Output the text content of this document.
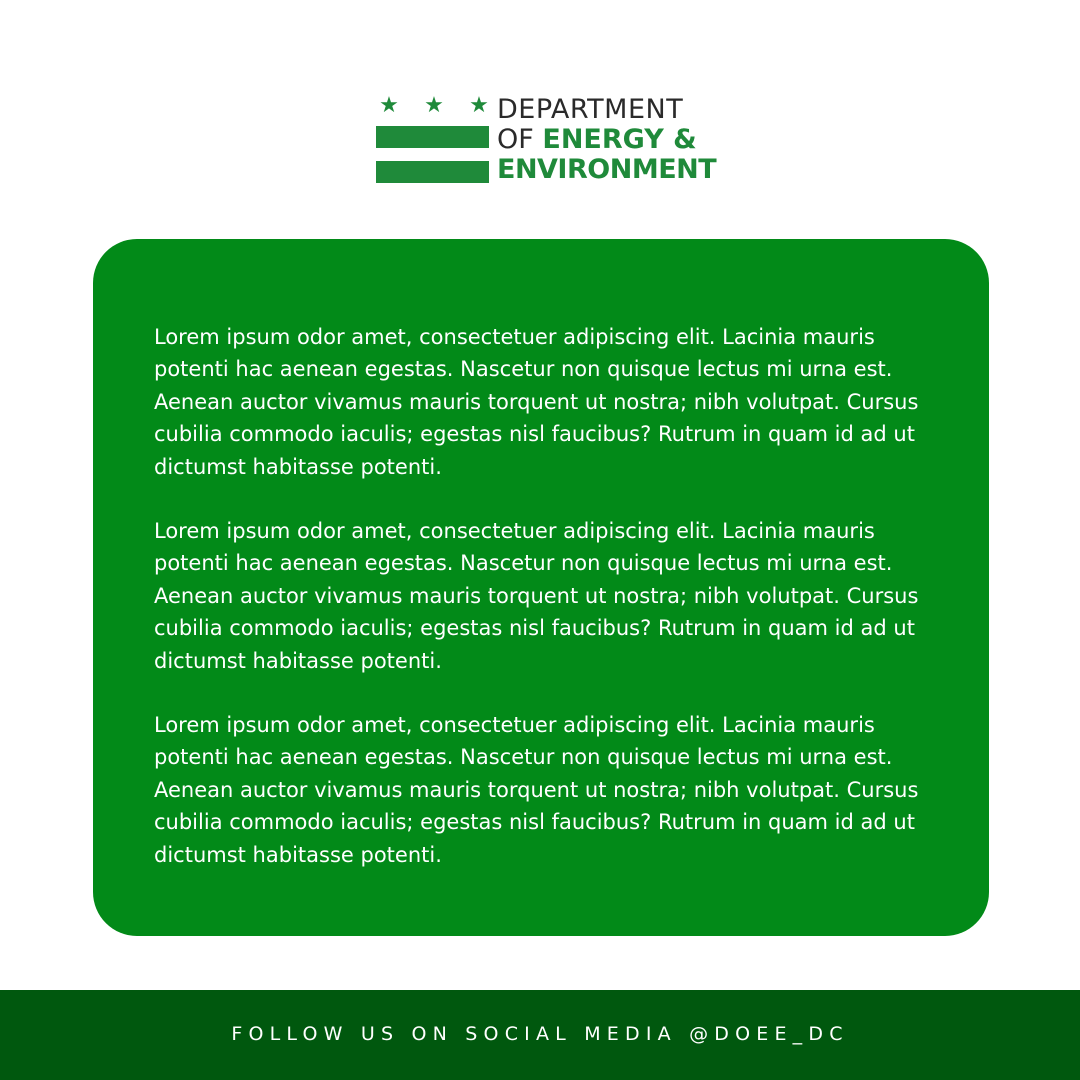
★ ★ ★ DEPARTMENT
OF ENERGY &
ENVIRONMENT

Lorem ipsum odor amet, consectetuer adipiscing elit. Lacinia mauris potenti hac aenean egestas. Nascetur non quisque lectus mi urna est. Aenean auctor vivamus mauris torquent ut nostra; nibh volutpat. Cursus cubilia commodo iaculis; egestas nisl faucibus? Rutrum in quam id ad ut dictumst habitasse potenti.

Lorem ipsum odor amet, consectetuer adipiscing elit. Lacinia mauris potenti hac aenean egestas. Nascetur non quisque lectus mi urna est. Aenean auctor vivamus mauris torquent ut nostra; nibh volutpat. Cursus cubilia commodo iaculis; egestas nisl faucibus? Rutrum in quam id ad ut dictumst habitasse potenti.

Lorem ipsum odor amet, consectetuer adipiscing elit. Lacinia mauris potenti hac aenean egestas. Nascetur non quisque lectus mi urna est. Aenean auctor vivamus mauris torquent ut nostra; nibh volutpat. Cursus cubilia commodo iaculis; egestas nisl faucibus? Rutrum in quam id ad ut dictumst habitasse potenti.

FOLLOW US ON SOCIAL MEDIA @DOEE_DC
